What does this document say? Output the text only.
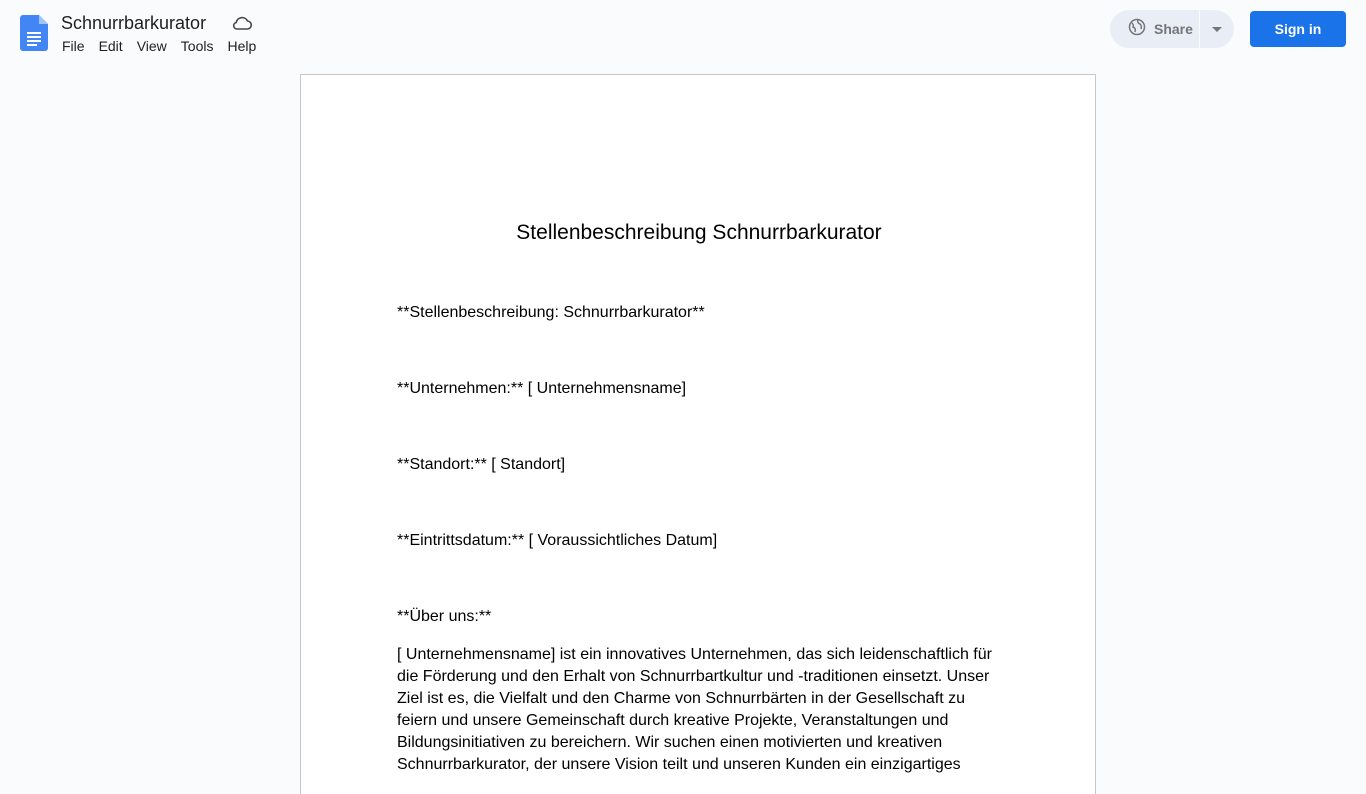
Schnurrbarkurator
File	Edit	View	Tools	Help
Share	Sign in
Stellenbeschreibung Schnurrbarkurator
**Stellenbeschreibung: Schnurrbarkurator**
**Unternehmen:** [ Unternehmensname]
**Standort:** [ Standort]
**Eintrittsdatum:** [ Voraussichtliches Datum]
**Über uns:**
[ Unternehmensname] ist ein innovatives Unternehmen, das sich leidenschaftlich für die Förderung und den Erhalt von Schnurrbartkultur und -traditionen einsetzt. Unser Ziel ist es, die Vielfalt und den Charme von Schnurrbärten in der Gesellschaft zu feiern und unsere Gemeinschaft durch kreative Projekte, Veranstaltungen und Bildungsinitiativen zu bereichern. Wir suchen einen motivierten und kreativen Schnurrbarkurator, der unsere Vision teilt und unseren Kunden ein einzigartiges
